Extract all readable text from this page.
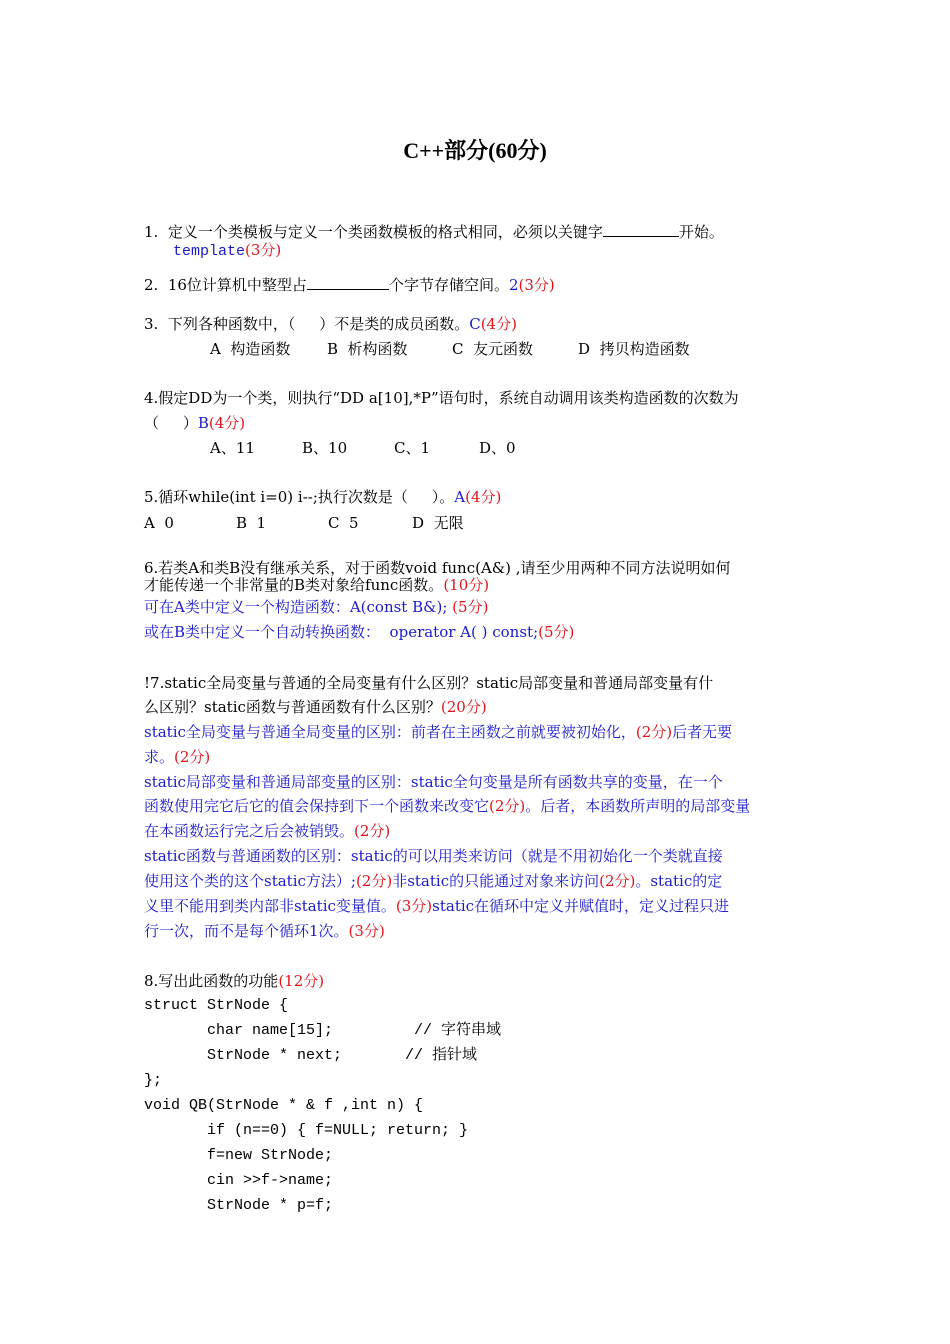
C++部分(60分)
1.  定义一个类模板与定义一个类函数模板的格式相同，必须以关键字	开始。
template(3分)
2.  16位计算机中整型占	个字节存储空间。2(3分)
3.  下列各种函数中，（     ）不是类的成员函数。C(4分)
A  构造函数 B  析构函数	C  友元函数	D  拷贝构造函数
4.假定DD为一个类，则执行“DD a[10],*P”语句时，系统自动调用该类构造函数的次数为
（     ）B(4分)
A、11	B、10	C、1	D、0
5.循环while(int i=0) i--;执行次数是（     ）。A(4分)
A  0	B  1	C  5	D  无限
6.若类A和类B没有继承关系，对于函数void func(A&) ,请至少用两种不同方法说明如何
才能传递一个非常量的B类对象给func函数。(10分)
可在A类中定义一个构造函数：A(const B&); (5分)
或在B类中定义一个自动转换函数：  operator A( ) const;(5分)
!7.static全局变量与普通的全局变量有什么区别？static局部变量和普通局部变量有什
么区别？static函数与普通函数有什么区别？(20分)
static全局变量与普通全局变量的区别：前者在主函数之前就要被初始化，(2分)后者无要
求。(2分)
static局部变量和普通局部变量的区别：static全句变量是所有函数共享的变量，在一个
函数使用完它后它的值会保持到下一个函数来改变它(2分)。后者，本函数所声明的局部变量
在本函数运行完之后会被销毁。(2分)
static函数与普通函数的区别：static的可以用类来访问（就是不用初始化一个类就直接
使用这个类的这个static方法）;(2分)非static的只能通过对象来访问(2分)。static的定
义里不能用到类内部非static变量值。(3分)static在循环中定义并赋值时，定义过程只进
行一次，而不是每个循环1次。(3分)
8.写出此函数的功能(12分)
struct StrNode {
char name[15];         // 字符串域
StrNode * next;       // 指针域
};
void QB(StrNode * & f ,int n) {
if (n==0) { f=NULL; return; }
f=new StrNode;
cin >>f->name;
StrNode * p=f;
